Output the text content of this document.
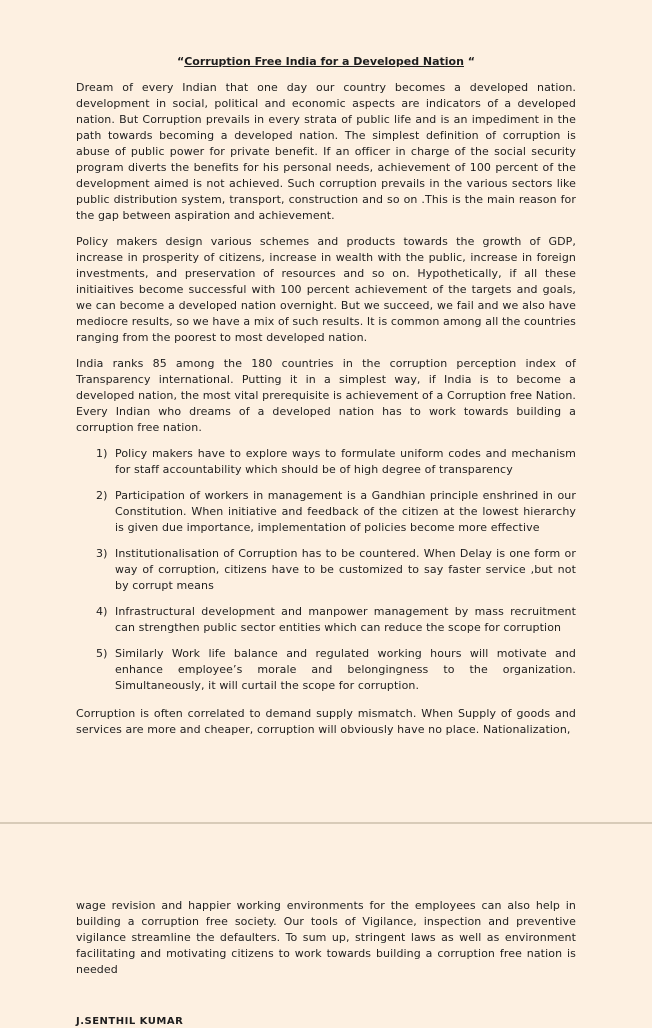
“Corruption Free India for a Developed Nation “

Dream of every Indian that one day our country becomes a developed nation. development in social, political and economic aspects are indicators of a developed nation. But Corruption prevails in every strata of public life and is an impediment in the path towards becoming a developed nation. The simplest definition of corruption is abuse of public power for private benefit. If an officer in charge of the social security program diverts the benefits for his personal needs, achievement of 100 percent of the development aimed is not achieved. Such corruption prevails in the various sectors like public distribution system, transport, construction and so on .This is the main reason for the gap between aspiration and achievement.

Policy makers design various schemes and products towards the growth of GDP, increase in prosperity of citizens, increase in wealth with the public, increase in foreign investments, and preservation of resources and so on. Hypothetically, if all these initiaitives become successful with 100 percent achievement of the targets and goals, we can become a developed nation overnight. But we succeed, we fail and we also have mediocre results, so we have a mix of such results. It is common among all the countries ranging from the poorest to most developed nation.

India ranks 85 among the 180 countries in the corruption perception index of Transparency international. Putting it in a simplest way, if India is to become a developed nation, the most vital prerequisite is achievement of a Corruption free Nation. Every Indian who dreams of a developed nation has to work towards building a corruption free nation.

1) Policy makers have to explore ways to formulate uniform codes and mechanism for staff accountability which should be of high degree of transparency
2) Participation of workers in management is a Gandhian principle enshrined in our Constitution. When initiative and feedback of the citizen at the lowest hierarchy is given due importance, implementation of policies become more effective
3) Institutionalisation of Corruption has to be countered. When Delay is one form or way of corruption, citizens have to be customized to say faster service ,but not by corrupt means
4) Infrastructural development and manpower management by mass recruitment can strengthen public sector entities which can reduce the scope for corruption
5) Similarly Work life balance and regulated working hours will motivate and enhance employee’s morale and belongingness to the organization. Simultaneously, it will curtail the scope for corruption.

Corruption is often correlated to demand supply mismatch. When Supply of goods and services are more and cheaper, corruption will obviously have no place. Nationalization,

wage revision and happier working environments for the employees can also help in building a corruption free society. Our tools of Vigilance, inspection and preventive vigilance streamline the defaulters. To sum up, stringent laws as well as environment facilitating and motivating citizens to work towards building a corruption free nation is needed

J.SENTHIL KUMAR
